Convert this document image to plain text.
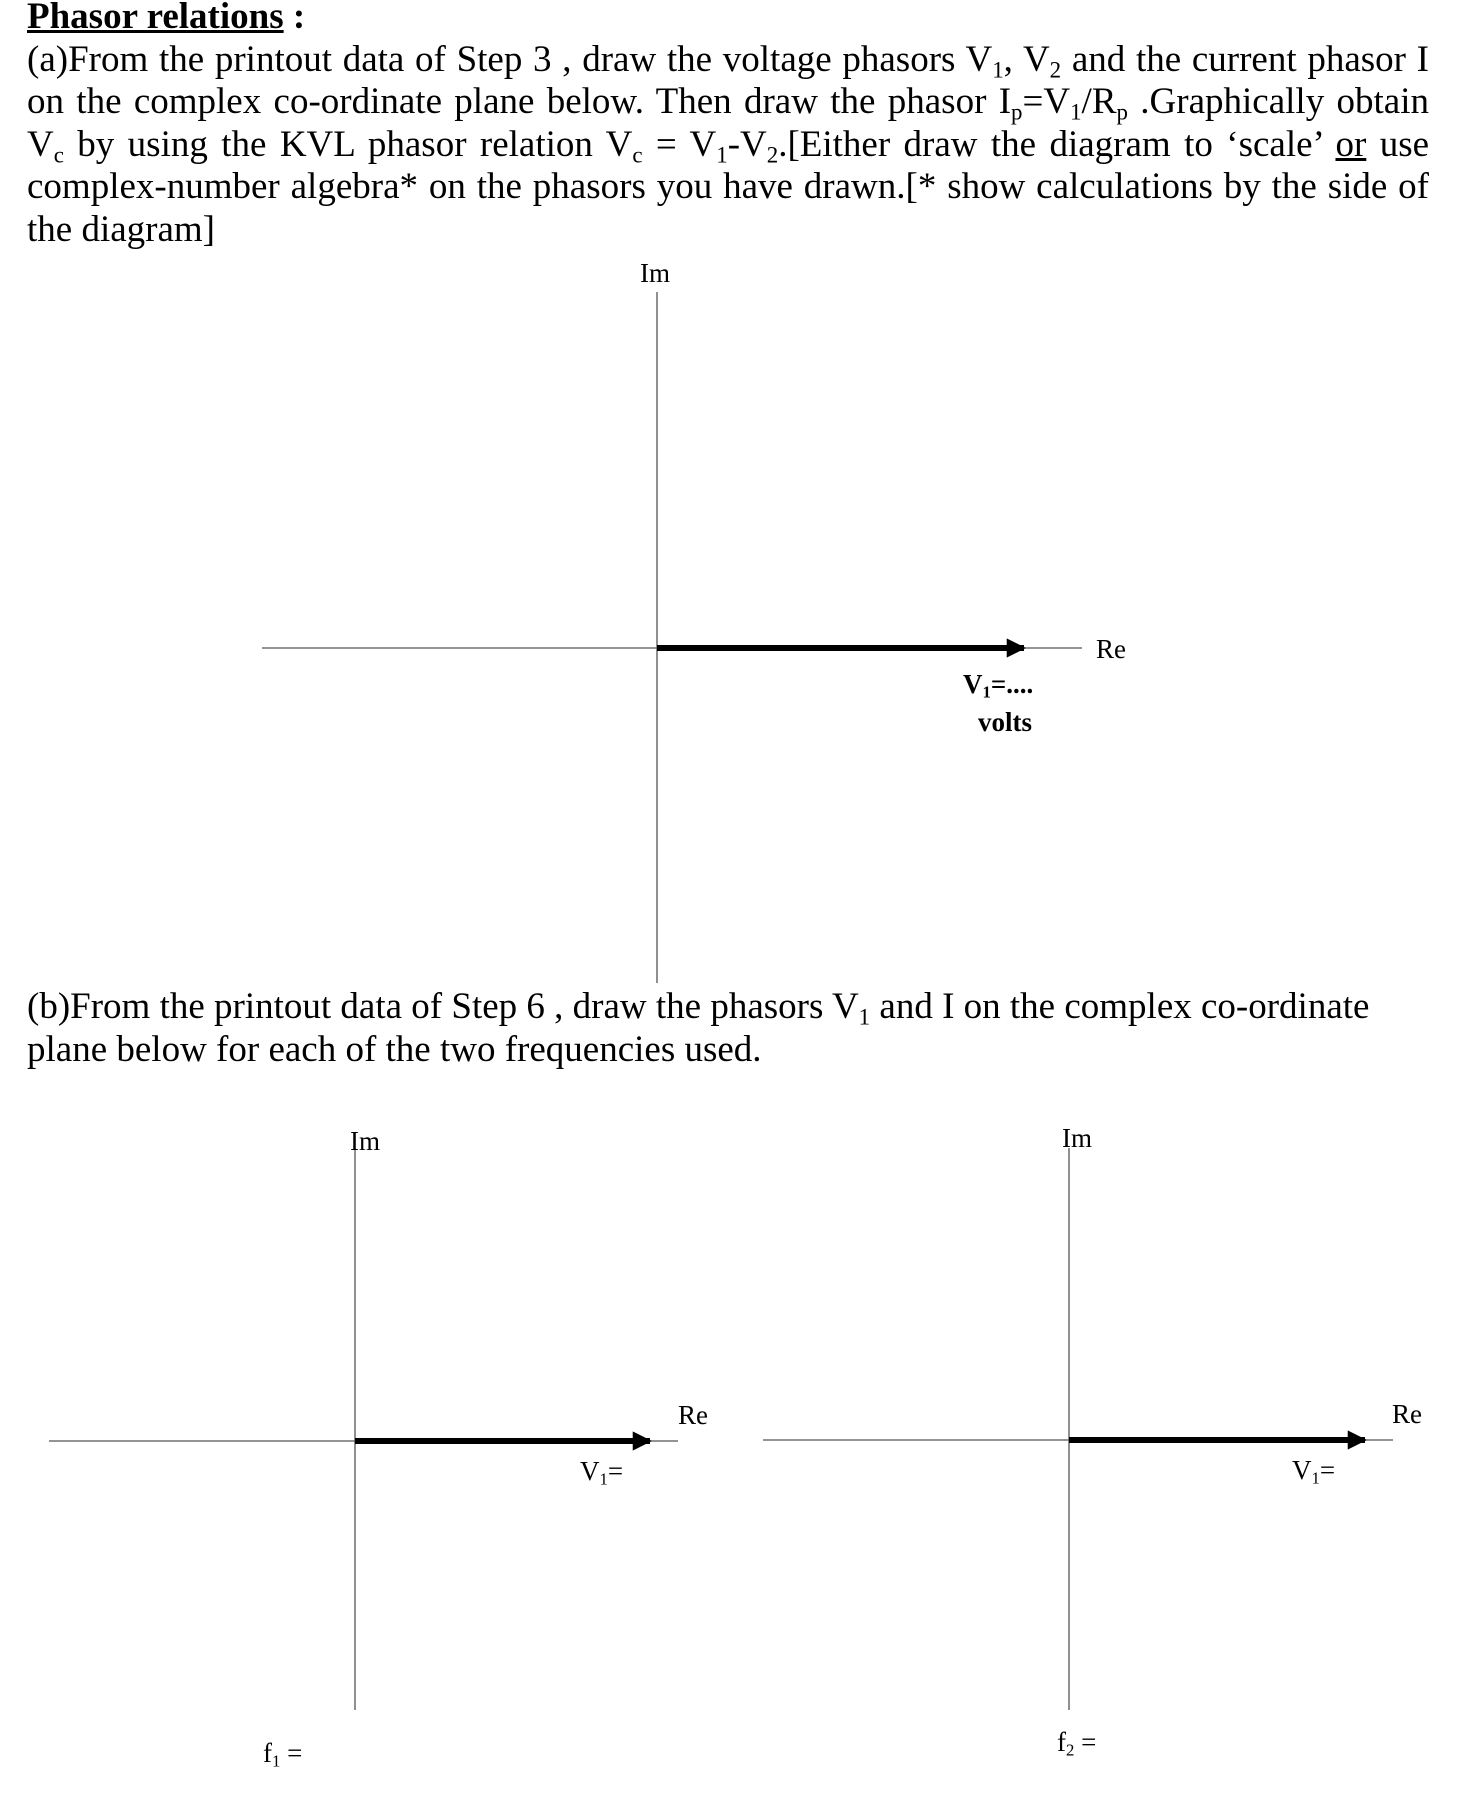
Phasor relations :
(a)From the printout data of Step 3 , draw the voltage phasors $V_1$, $V_2$ and the current phasor I on the complex co-ordinate plane below. Then draw the phasor $I_p=V_1/R_p$ .Graphically obtain $V_c$ by using the KVL phasor relation $V_c$ = $V_1-V_2.[Either$ draw the diagram to ‘scale’ or use complex-number algebra* on the phasors you have drawn.[* show calculations by the side of the diagram]
Im
Re
$V_1=$....
volts
(b)From the printout data of Step 6 , draw the phasors $V_1$ and I on the complex co-ordinate plane below for each of the two frequencies used.
Im
Re
$V_1=$
$f_1$ =
Im
Re
$V_1=$
$f_2$ =
